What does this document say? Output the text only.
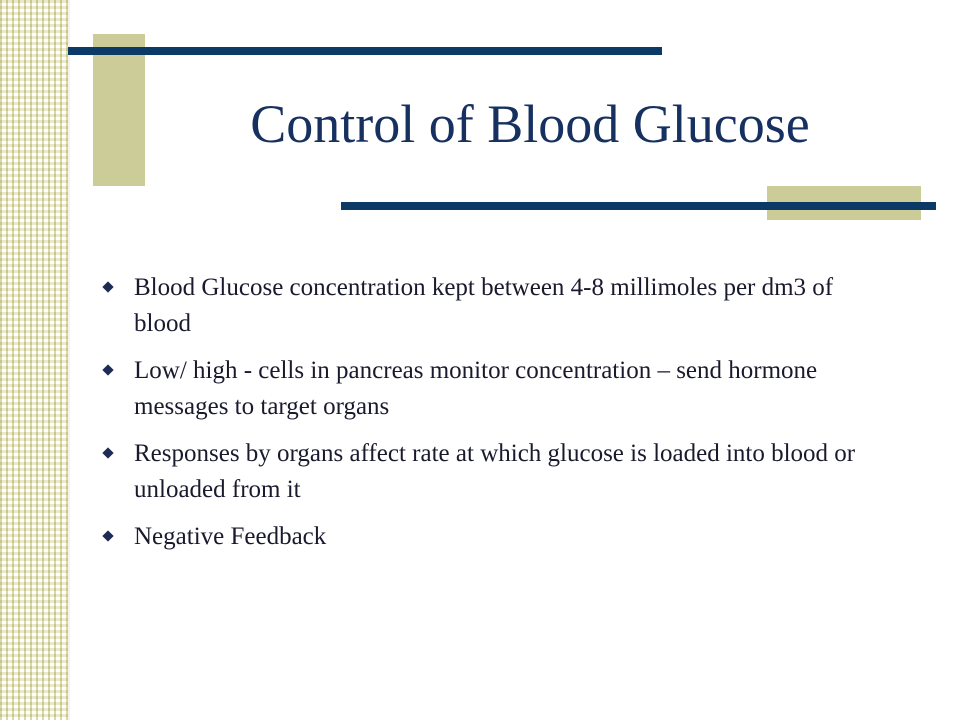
Control of Blood Glucose
Blood Glucose concentration kept between 4-8 millimoles per dm3 of blood
Low/ high - cells in pancreas monitor concentration – send hormone messages to target organs
Responses by organs affect rate at which glucose is loaded into blood or unloaded from it
Negative Feedback
